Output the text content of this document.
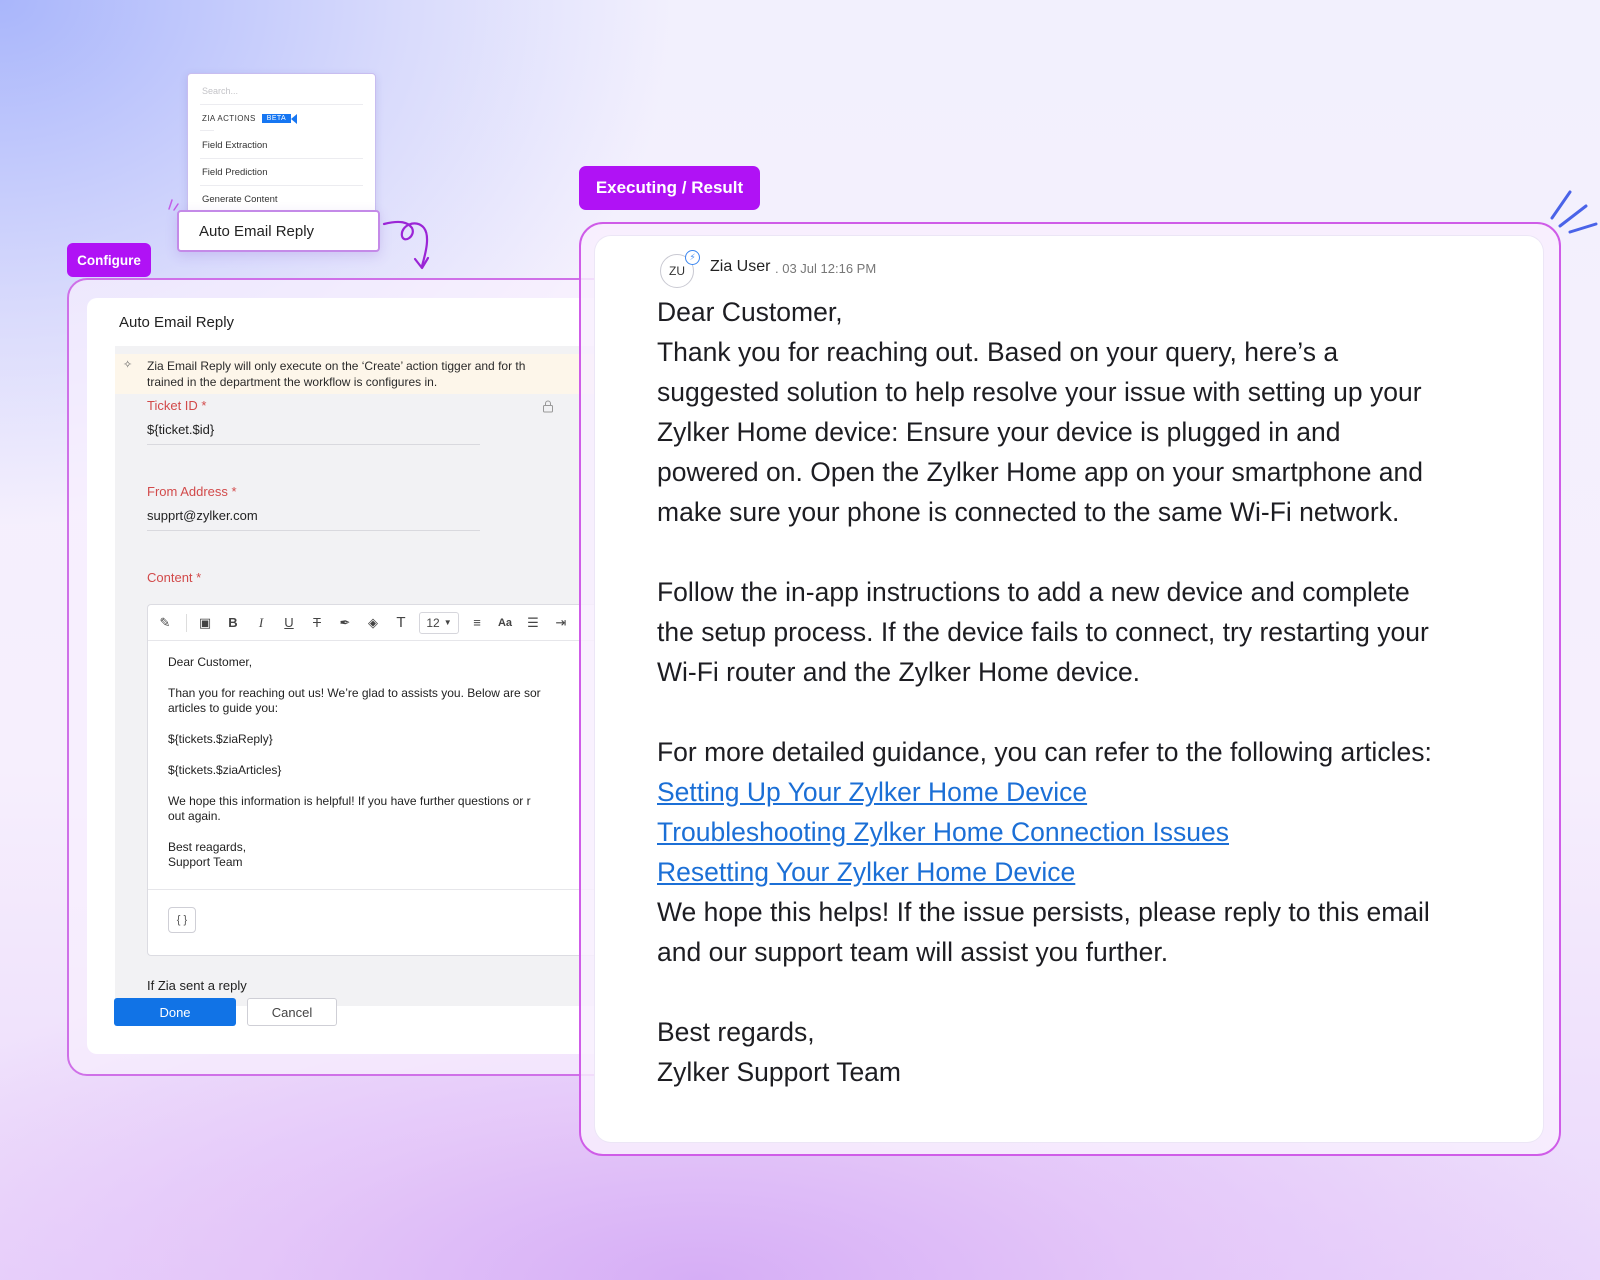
Search...
ZIA ACTIONS	BETA
Field Extraction
Field Prediction
Generate Content
Auto Email Reply
Configure
Auto Email Reply
✧ Zia Email Reply will only execute on the ‘Create’ action tigger and for th
trained in the department the workflow is configures in.
Ticket ID *
${ticket.$id}
From Address *
supprt@zylker.com
Content *
✎	▣	B	I	U	T	✒	◈	T	12 ▼	≡	Aa	☰	⇥

Dear Customer,

Than you for reaching out us! We’re glad to assists you. Below are sor
articles to guide you:

${tickets.$ziaReply}

${tickets.$ziaArticles}

We hope this information is helpful! If you have further questions or r
out again.
Best reagards,
Support Team
{ }
If Zia sent a reply
Done	Cancel
Executing / Result
ZU
⚡
Zia User . 03 Jul 12:16 PM
Dear Customer,
Thank you for reaching out. Based on your query, here’s a
suggested solution to help resolve your issue with setting up your
Zylker Home device: Ensure your device is plugged in and
powered on. Open the Zylker Home app on your smartphone and
make sure your phone is connected to the same Wi-Fi network.
Follow the in-app instructions to add a new device and complete
the setup process. If the device fails to connect, try restarting your
Wi-Fi router and the Zylker Home device.
For more detailed guidance, you can refer to the following articles:
Setting Up Your Zylker Home Device
Troubleshooting Zylker Home Connection Issues
Resetting Your Zylker Home Device
We hope this helps! If the issue persists, please reply to this email
and our support team will assist you further.
Best regards,
Zylker Support Team
